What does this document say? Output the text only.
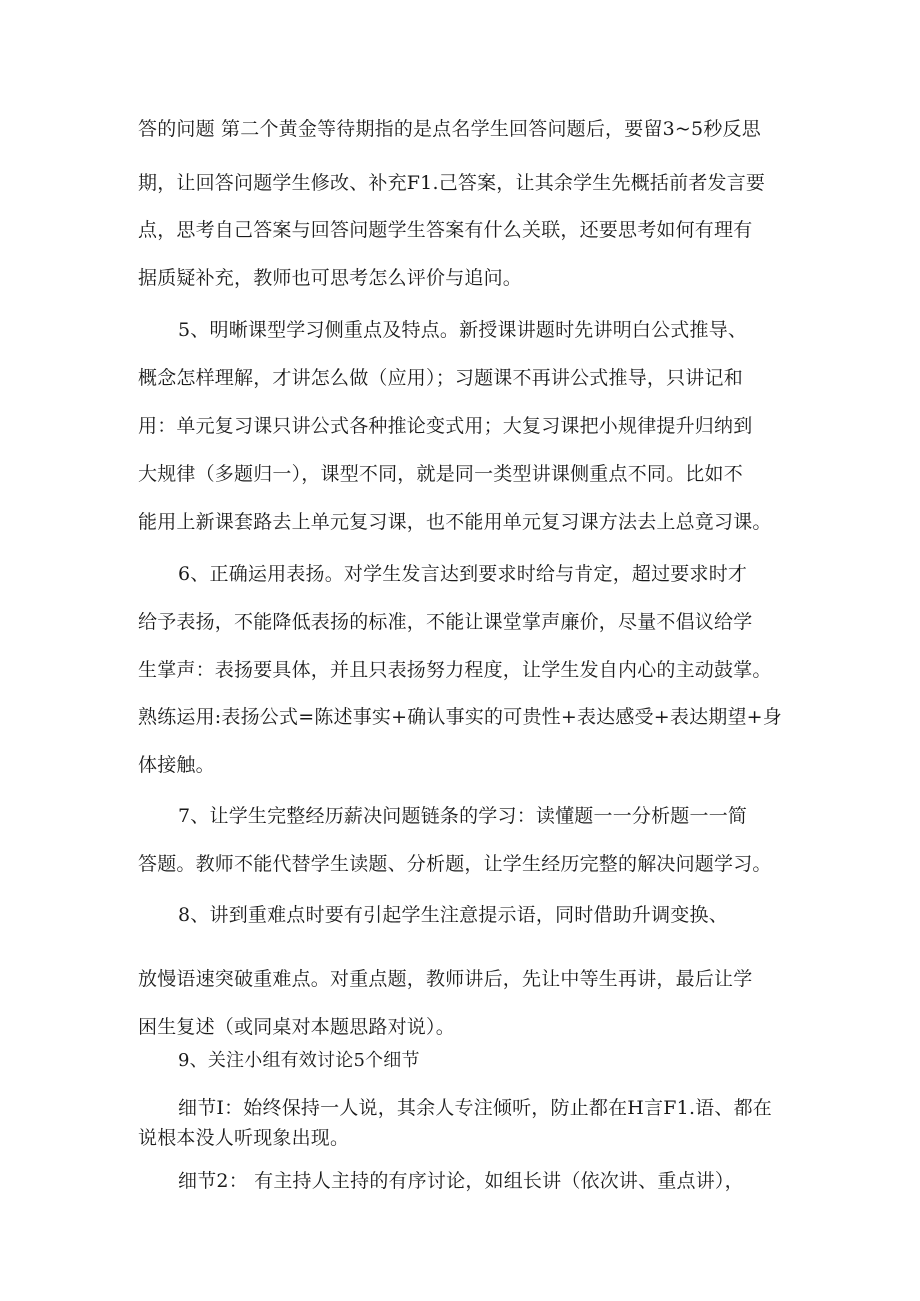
答的问题 第二个黄金等待期指的是点名学生回答问题后，要留3~5秒反思
期，让回答问题学生修改、补充F1.己答案，让其余学生先概括前者发言要
点，思考自己答案与回答问题学生答案有什么关联，还要思考如何有理有
据质疑补充，教师也可思考怎么评价与追问。
5、明晰课型学习侧重点及特点。新授课讲题时先讲明白公式推导、
概念怎样理解，才讲怎么做（应用）；习题课不再讲公式推导，只讲记和
用：单元复习课只讲公式各种推论变式用；大复习课把小规律提升归纳到
大规律（多题归一），课型不同，就是同一类型讲课侧重点不同。比如不
能用上新课套路去上单元复习课，也不能用单元复习课方法去上总竟习课。
6、正确运用表扬。对学生发言达到要求时给与肯定，超过要求时才
给予表扬，不能降低表扬的标准，不能让课堂掌声廉价，尽量不倡议给学
生掌声：表扬要具体，并且只表扬努力程度，让学生发自内心的主动鼓掌。
熟练运用:表扬公式=陈述事实+确认事实的可贵性+表达感受+表达期望+身
体接触。
7、让学生完整经历薪决问题链条的学习：读懂题一一分析题一一简
答题。教师不能代替学生读题、分析题，让学生经历完整的解决问题学习。
8、讲到重难点时要有引起学生注意提示语，同时借助升调变换、
放慢语速突破重难点。对重点题，教师讲后，先让中等生再讲，最后让学
困生复述（或同桌对本题思路对说）。
9、关注小组有效讨论5个细节
细节I：始终保持一人说，其余人专注倾听，防止都在H言F1.语、都在
说根本没人听现象出现。
细节2： 有主持人主持的有序讨论，如组长讲（依次讲、重点讲），
